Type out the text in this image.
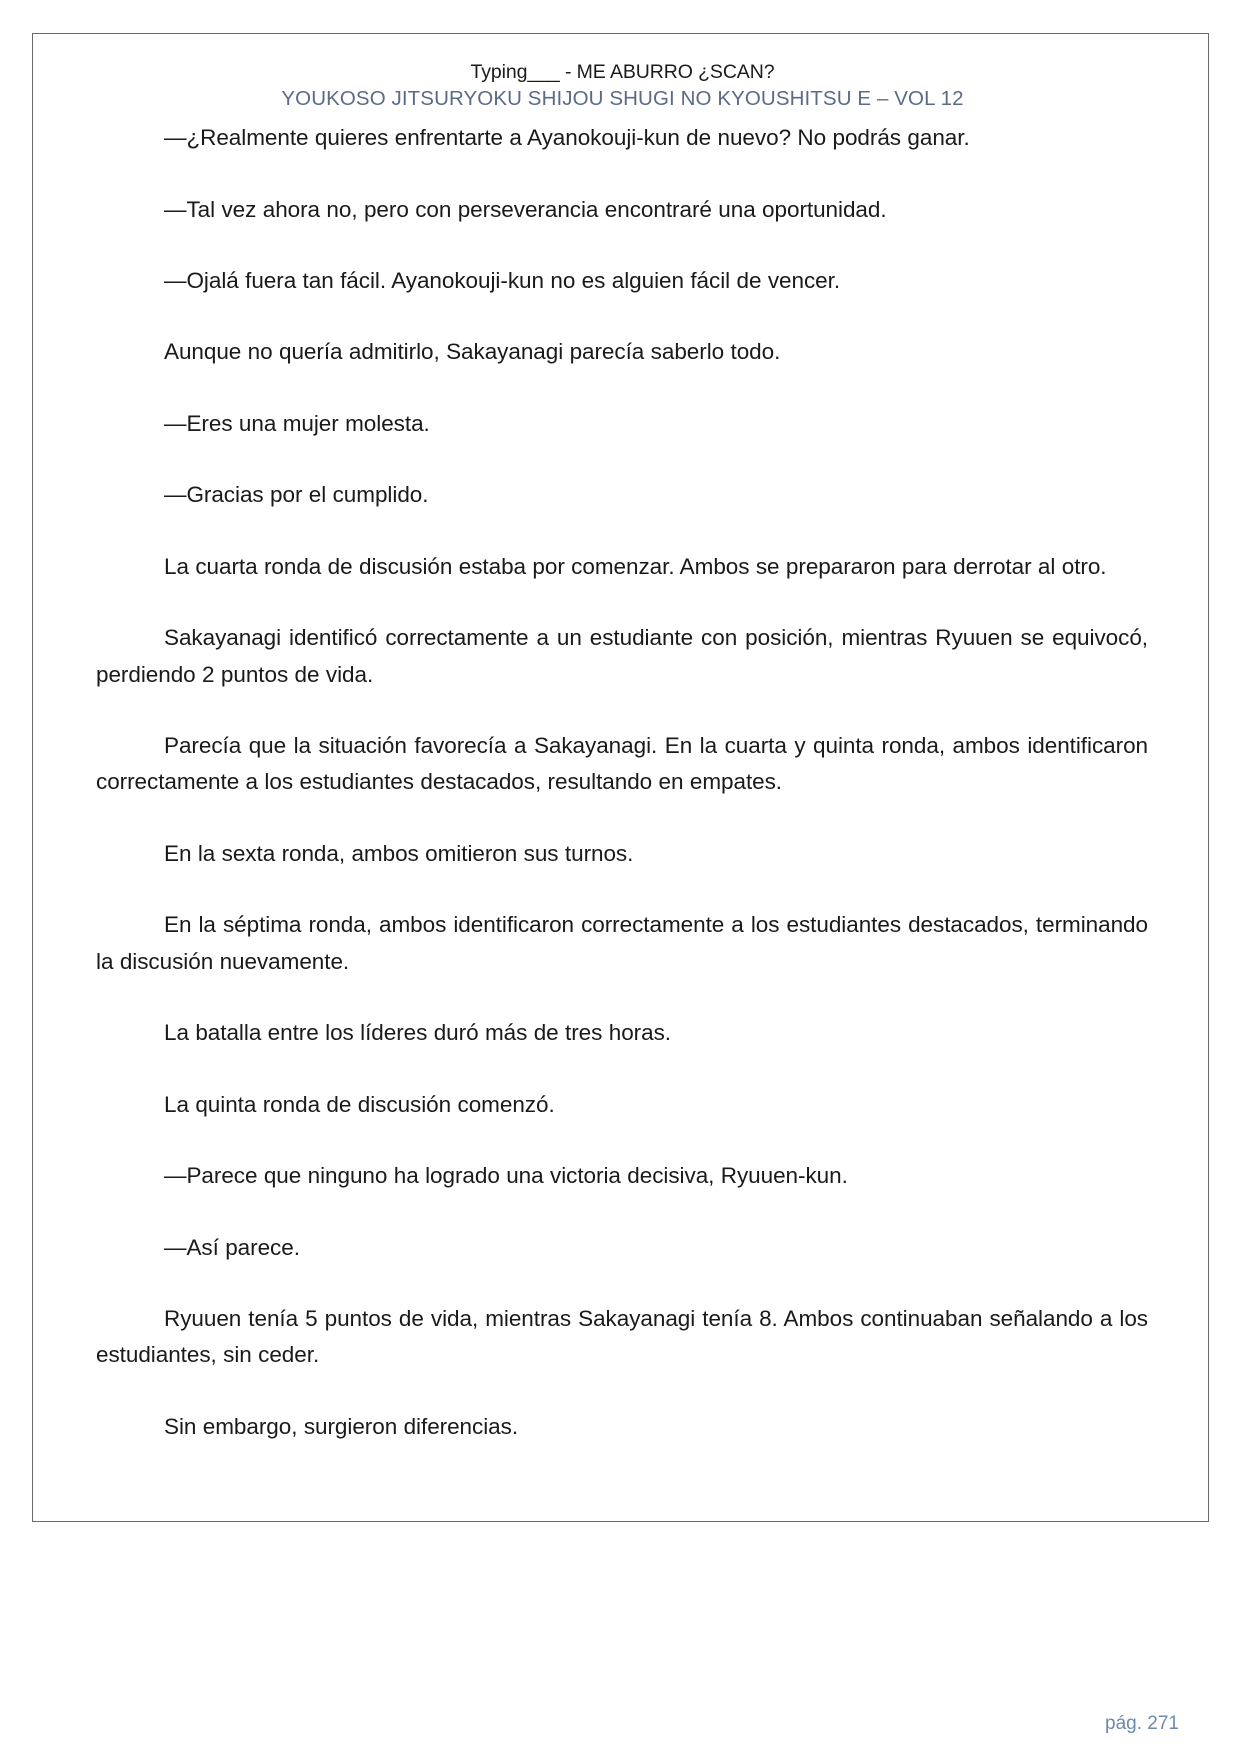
Typing___ - ME ABURRO ¿SCAN?
YOUKOSO JITSURYOKU SHIJOU SHUGI NO KYOUSHITSU E – VOL 12

—¿Realmente quieres enfrentarte a Ayanokouji-kun de nuevo? No podrás ganar.

—Tal vez ahora no, pero con perseverancia encontraré una oportunidad.

—Ojalá fuera tan fácil. Ayanokouji-kun no es alguien fácil de vencer.

Aunque no quería admitirlo, Sakayanagi parecía saberlo todo.

—Eres una mujer molesta.

—Gracias por el cumplido.

La cuarta ronda de discusión estaba por comenzar. Ambos se prepararon para derrotar al otro.

Sakayanagi identificó correctamente a un estudiante con posición, mientras Ryuuen se equivocó, perdiendo 2 puntos de vida.

Parecía que la situación favorecía a Sakayanagi. En la cuarta y quinta ronda, ambos identificaron correctamente a los estudiantes destacados, resultando en empates.

En la sexta ronda, ambos omitieron sus turnos.

En la séptima ronda, ambos identificaron correctamente a los estudiantes destacados, terminando la discusión nuevamente.

La batalla entre los líderes duró más de tres horas.

La quinta ronda de discusión comenzó.

—Parece que ninguno ha logrado una victoria decisiva, Ryuuen-kun.

—Así parece.

Ryuuen tenía 5 puntos de vida, mientras Sakayanagi tenía 8. Ambos continuaban señalando a los estudiantes, sin ceder.

Sin embargo, surgieron diferencias.

pág. 271
